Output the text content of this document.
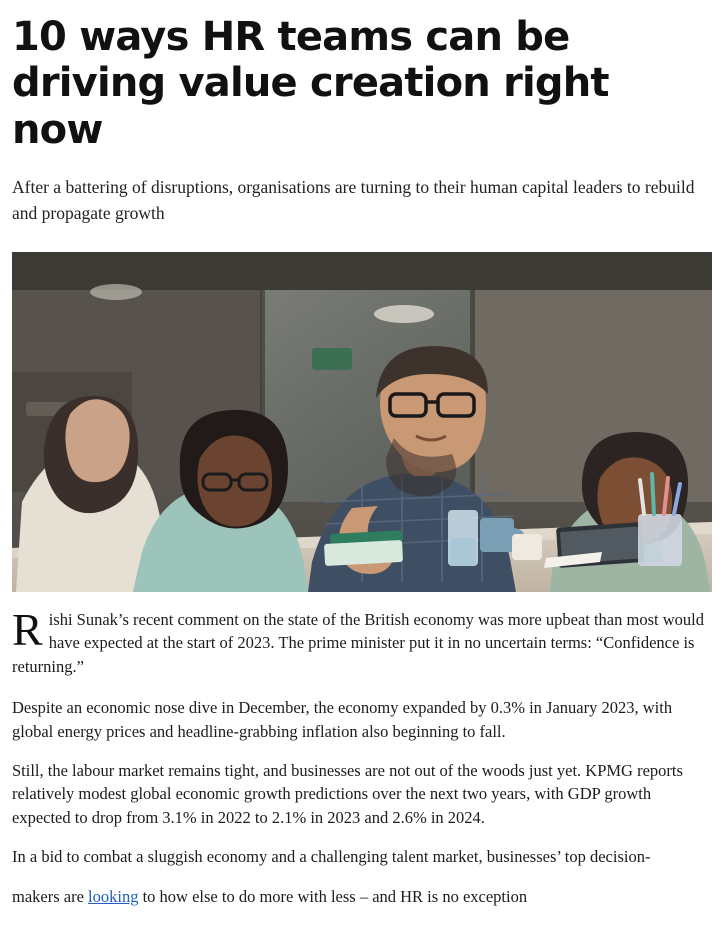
10 ways HR teams can be driving value creation right now

After a battering of disruptions, organisations are turning to their human capital leaders to rebuild and propagate growth

Rishi Sunak’s recent comment on the state of the British economy was more upbeat than most would have expected at the start of 2023. The prime minister put it in no uncertain terms: “Confidence is returning.”

Despite an economic nose dive in December, the economy expanded by 0.3% in January 2023, with global energy prices and headline-grabbing inflation also beginning to fall.

Still, the labour market remains tight, and businesses are not out of the woods just yet. KPMG reports relatively modest global economic growth predictions over the next two years, with GDP growth expected to drop from 3.1% in 2022 to 2.1% in 2023 and 2.6% in 2024.

In a bid to combat a sluggish economy and a challenging talent market, businesses’ top decision-

makers are looking to how else to do more with less – and HR is no exception
